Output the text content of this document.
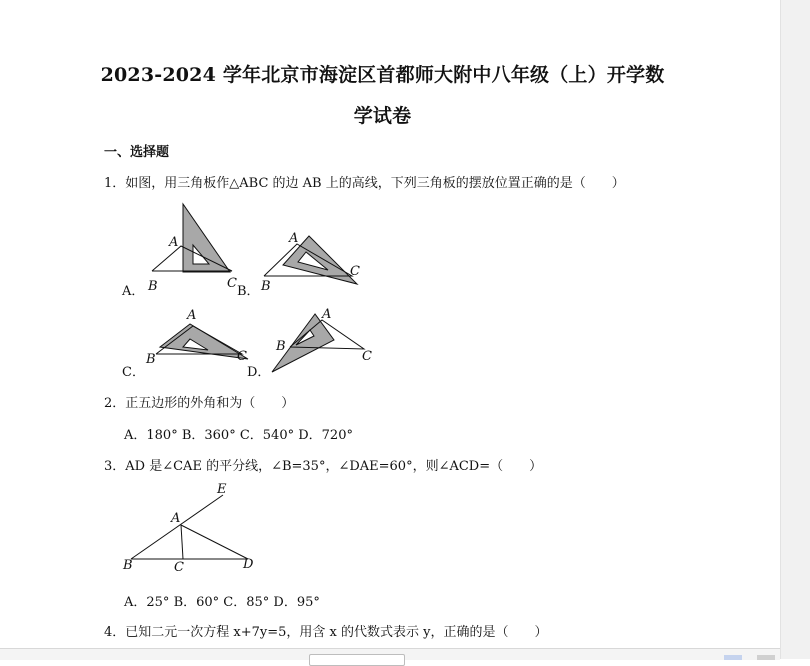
2023-2024 学年北京市海淀区首都师大附中八年级（上）开学数
学试卷
一、选择题
1．如图，用三角板作△ABC 的边 AB 上的高线，下列三角板的摆放位置正确的是（　　）
A．
A
B	C
B．
A
B
C
C．
A
B	C
D．
A
B
C
2．正五边形的外角和为（　　）
A．180° B．360° C．540° D．720°
3．AD 是∠CAE 的平分线，∠B=35°，∠DAE=60°，则∠ACD=（　　）
E
A
B	C	D
A．25° B．60° C．85° D．95°
4．已知二元一次方程 x+7y=5，用含 x 的代数式表示 y，正确的是（　　）
